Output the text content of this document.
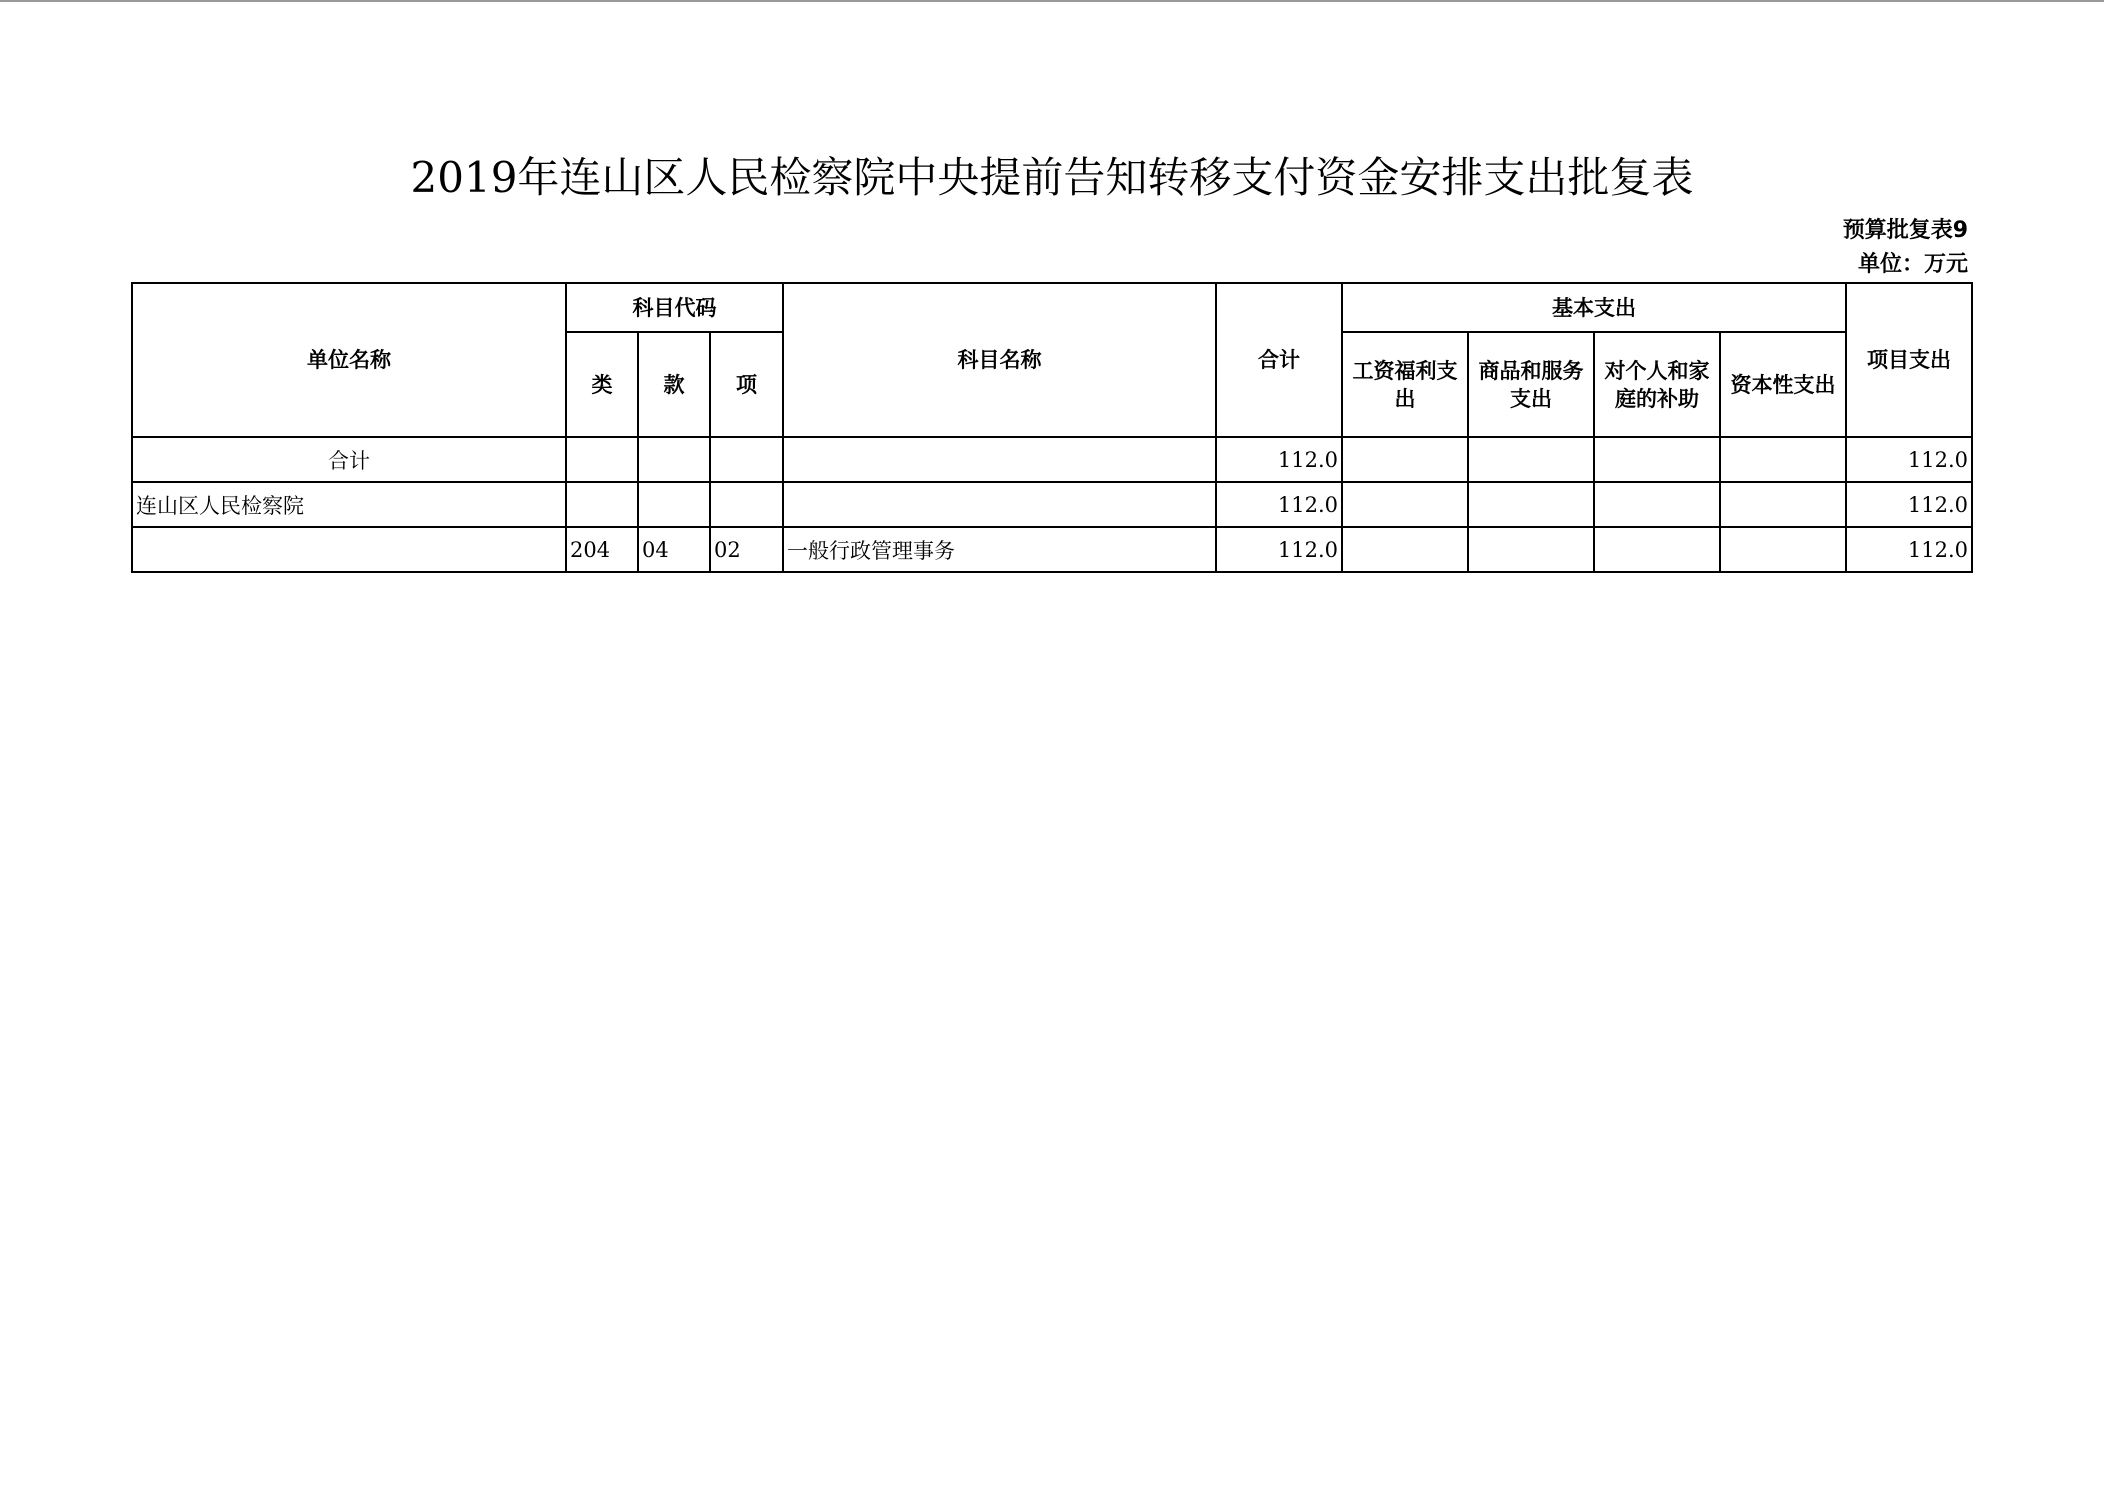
2019年连山区人民检察院中央提前告知转移支付资金安排支出批复表
预算批复表9
单位：万元
单位名称	科目代码			科目名称	合计	基本支出				项目支出
	类	款	项			工资福利支出	商品和服务支出	对个人和家庭的补助	资本性支出	
合计					112.0					112.0
连山区人民检察院					112.0					112.0
	204	04	02	一般行政管理事务	112.0					112.0
